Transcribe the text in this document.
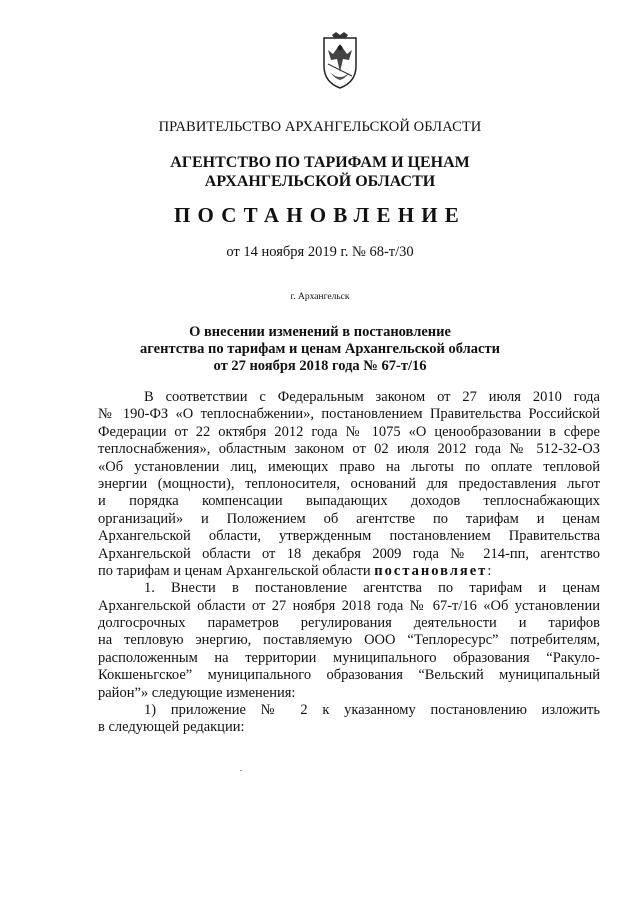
ПРАВИТЕЛЬСТВО АРХАНГЕЛЬСКОЙ ОБЛАСТИ
АГЕНТСТВО ПО ТАРИФАМ И ЦЕНАМ
АРХАНГЕЛЬСКОЙ ОБЛАСТИ
ПОСТАНОВЛЕНИЕ
от 14 ноября 2019 г. № 68-т/30
г. Архангельск
О внесении изменений в постановление
агентства по тарифам и ценам Архангельской области
от 27 ноября 2018 года № 67-т/16
В соответствии с Федеральным законом от 27 июля 2010 года
№ 190-ФЗ «О теплоснабжении», постановлением Правительства Российской
Федерации от 22 октября 2012 года № 1075 «О ценообразовании в сфере
теплоснабжения», областным законом от 02 июля 2012 года № 512-32-ОЗ
«Об установлении лиц, имеющих право на льготы по оплате тепловой
энергии (мощности), теплоносителя, оснований для предоставления льгот
и порядка компенсации выпадающих доходов теплоснабжающих
организаций» и Положением об агентстве по тарифам и ценам
Архангельской области, утвержденным постановлением Правительства
Архангельской области от 18 декабря 2009 года № 214-пп, агентство
по тарифам и ценам Архангельской области постановляет:
1. Внести в постановление агентства по тарифам и ценам
Архангельской области от 27 ноября 2018 года № 67-т/16 «Об установлении
долгосрочных параметров регулирования деятельности и тарифов
на тепловую энергию, поставляемую ООО “Теплоресурс” потребителям,
расположенным на территории муниципального образования “Ракуло-
Кокшеньгское” муниципального образования “Вельский муниципальный
район”» следующие изменения:
1) приложение № 2 к указанному постановлению изложить
в следующей редакции:
